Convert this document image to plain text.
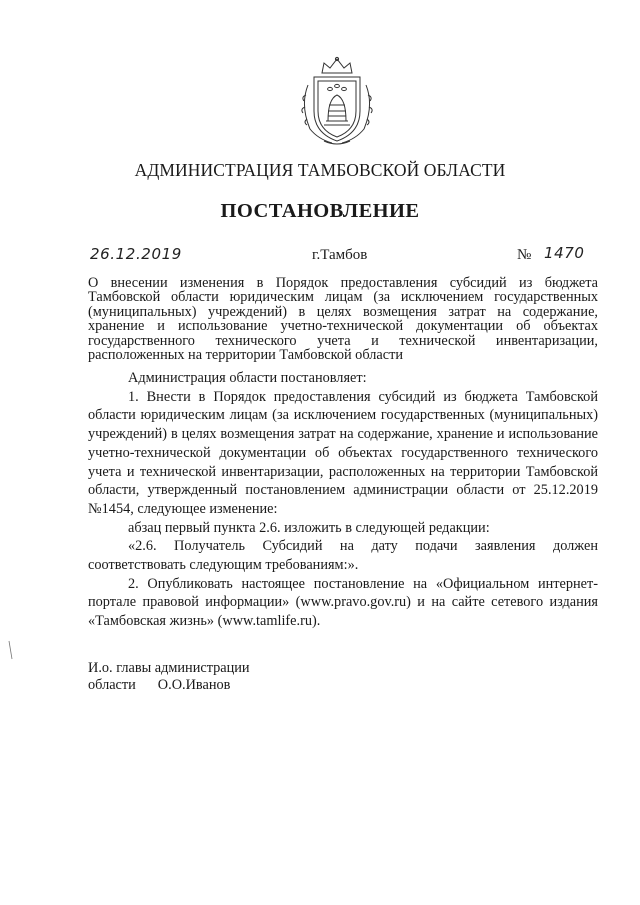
АДМИНИСТРАЦИЯ ТАМБОВСКОЙ ОБЛАСТИ
ПОСТАНОВЛЕНИЕ
26.12.2019	г.Тамбов	№ 1470
О внесении изменения в Порядок предоставления субсидий из бюджета Тамбовской области юридическим лицам (за исключением государственных (муниципальных) учреждений) в целях возмещения затрат на содержание, хранение и использование учетно-технической документации об объектах государственного технического учета и технической инвентаризации, расположенных на территории Тамбовской области

Администрация области постановляет:

1. Внести в Порядок предоставления субсидий из бюджета Тамбовской области юридическим лицам (за исключением государственных (муниципальных) учреждений) в целях возмещения затрат на содержание, хранение и использование учетно-технической документации об объектах государственного технического учета и технической инвентаризации, расположенных на территории Тамбовской области, утвержденный постановлением администрации области от 25.12.2019 №1454, следующее изменение:

абзац первый пункта 2.6. изложить в следующей редакции:

«2.6. Получатель Субсидий на дату подачи заявления должен соответствовать следующим требованиям:».

2. Опубликовать настоящее постановление на «Официальном интернет-портале правовой информации» (www.pravo.gov.ru) и на сайте сетевого издания «Тамбовская жизнь» (www.tamlife.ru).

И.о. главы администрации
области О.О.Иванов
